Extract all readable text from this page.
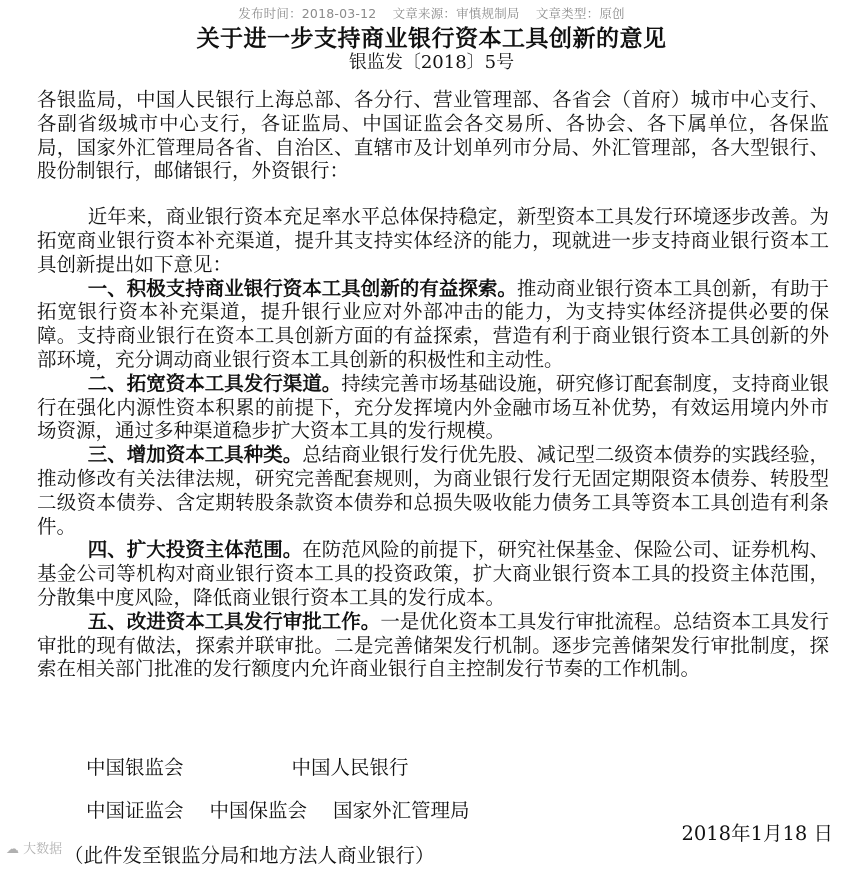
发布时间：2018-03-12 文章来源：审慎规制局 文章类型：原创
关于进一步支持商业银行资本工具创新的意见
银监发〔2018〕5号

各银监局，中国人民银行上海总部、各分行、营业管理部、各省会（首府）城市中心支行、各副省级城市中心支行，各证监局、中国证监会各交易所、各协会、各下属单位，各保监局，国家外汇管理局各省、自治区、直辖市及计划单列市分局、外汇管理部，各大型银行、股份制银行，邮储银行，外资银行：

近年来，商业银行资本充足率水平总体保持稳定，新型资本工具发行环境逐步改善。为拓宽商业银行资本补充渠道，提升其支持实体经济的能力，现就进一步支持商业银行资本工具创新提出如下意见：

一、积极支持商业银行资本工具创新的有益探索。推动商业银行资本工具创新，有助于拓宽银行资本补充渠道，提升银行业应对外部冲击的能力，为支持实体经济提供必要的保障。支持商业银行在资本工具创新方面的有益探索，营造有利于商业银行资本工具创新的外部环境，充分调动商业银行资本工具创新的积极性和主动性。

二、拓宽资本工具发行渠道。持续完善市场基础设施，研究修订配套制度，支持商业银行在强化内源性资本积累的前提下，充分发挥境内外金融市场互补优势，有效运用境内外市场资源，通过多种渠道稳步扩大资本工具的发行规模。

三、增加资本工具种类。总结商业银行发行优先股、减记型二级资本债券的实践经验，推动修改有关法律法规，研究完善配套规则，为商业银行发行无固定期限资本债券、转股型二级资本债券、含定期转股条款资本债券和总损失吸收能力债务工具等资本工具创造有利条件。

四、扩大投资主体范围。在防范风险的前提下，研究社保基金、保险公司、证券机构、基金公司等机构对商业银行资本工具的投资政策，扩大商业银行资本工具的投资主体范围，分散集中度风险，降低商业银行资本工具的发行成本。

五、改进资本工具发行审批工作。一是优化资本工具发行审批流程。总结资本工具发行审批的现有做法，探索并联审批。二是完善储架发行机制。逐步完善储架发行审批制度，探索在相关部门批准的发行额度内允许商业银行自主控制发行节奏的工作机制。

中国银监会	中国人民银行
中国证监会 中国保监会 国家外汇管理局
2018年1月18 日
（此件发至银监分局和地方法人商业银行）
☁ 大数据
